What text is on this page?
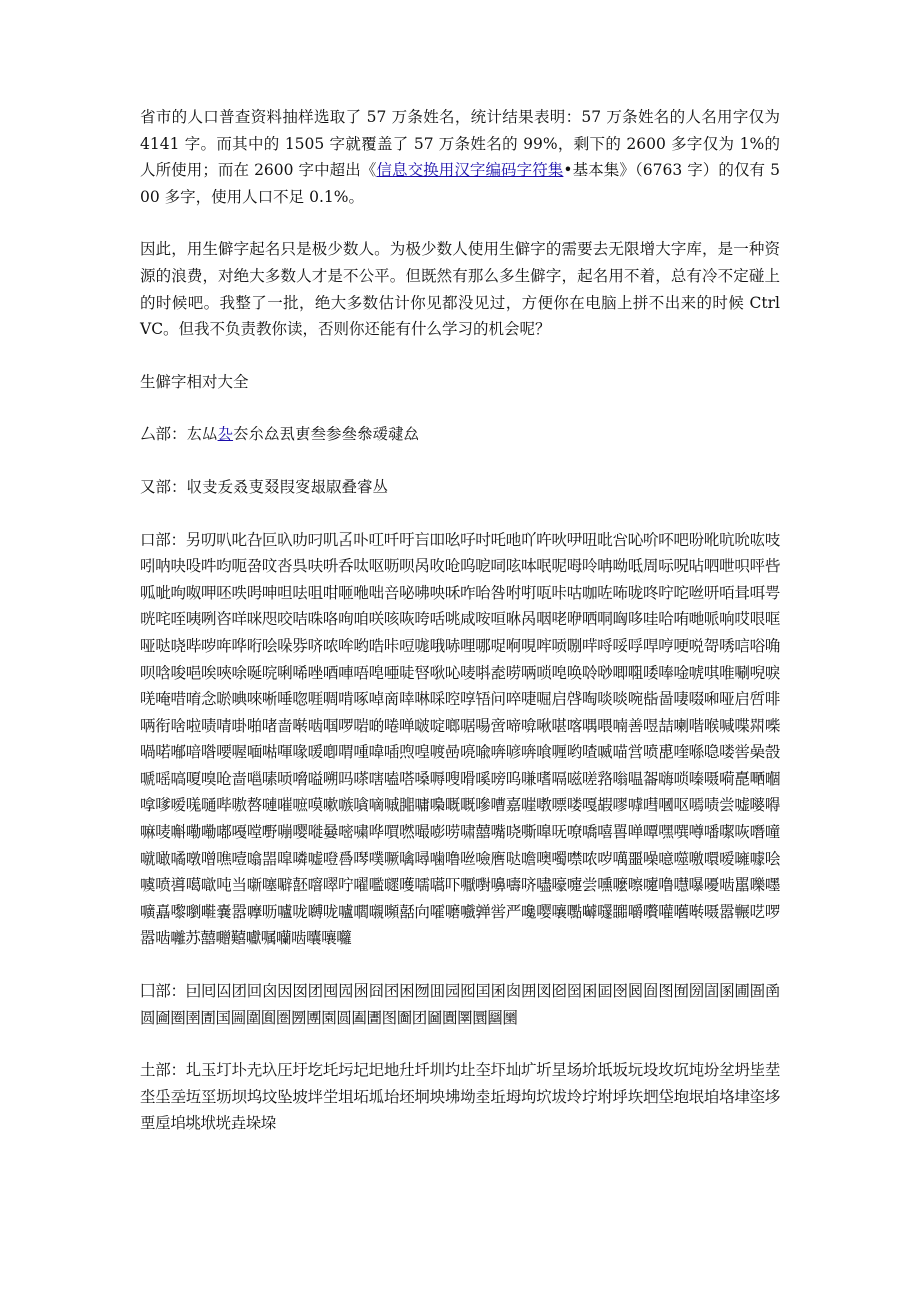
省市的人口普查资料抽样选取了 57 万条姓名，统计结果表明：57 万条姓名的人名用字仅为 4141 字。而其中的 1505 字就覆盖了 57 万条姓名的 99%，剩下的 2600 多字仅为 1%的人所使用；而在 2600 字中超出《信息交换用汉字编码字符集•基本集》（6763 字）的仅有 500 多字，使用人口不足 0.1%。

因此，用生僻字起名只是极少数人。为极少数人使用生僻字的需要去无限增大字库，是一种资源的浪费，对绝大多数人才是不公平。但既然有那么多生僻字，起名用不着，总有冷不定碰上的时候吧。我整了一批，绝大多数估计你见都没见过，方便你在电脑上拼不出来的时候 Ctrl VC。但我不负责教你读，否则你还能有什么学习的机会呢？

生僻字相对大全

厶部：厷厸厹厺厼厽厾叀叁参叄叅叆叇厽

又部：収叏叐叒叓叕叚叜叝叞叠睿丛

口部：另叨叭叱叴叵叺叻叼叽叾卟叿吀吁吂吅吆吇吋吒吔吖吘吙吚吜吡吢吣吤吥吧吩吪吭吮吰吱吲呐吷吺吽呁呃呄呅呇呉呋呏呑呔呕呖呗呙呚呛呜呝呞呟呠呡呢呣呤呥呦呧周呩呪呫呬呭呮呯呰呱呲呴呶呷呸呹呺呻呾呿咀咁咂咃咄咅咇咈咉咊咋咍咎咐咑咓咔咕咖咗咘咙咚咛咜咝咞咟咠咡咢咣咤咥咦咧咨咩咪咫咬咭咮咯咰咱咲咳咴咵咶咷咸咹咺咻呙咽咾咿哂哃哅哆哇哈哊哋哌响哎哏哐哑哒哓哔哕哖哗哘哙哚哛哜哝哞哟哠咔哣哤哦哧哩哪哫哬哯哰唝哵哶哷哸哹哻哼哽哾哿唀唁唂唃呗唅唆唈唉唊唋唌唍唎唏唑唒唓唔唣唖唗唘唙吣唛唞唟唠唡唢唣唤唥唦唧唨唩唪唫唬唭唯唰唲唳唴唵唶唷念唹唺唻唽唾唿啀啁啃啄啅啇啈啉啋啌啍啎问啐啑啒启啔啕啖啖啘啙啚啛啜啝哑启啠啡唡衔啥啦啧啨啩啪啫啬啭啮啯啰啱啲啳啴啵啶啷啹啺啻啼啽啾啿喀喁喂喃善喅喆喇喈喉喊喋喌喍喎喏喐喑喒喓喔喕喖喗喙喛喞喟喠喡喢喣喤喥喦喨喩喯喭喯喰喱哟喳喴喵営喷喸喹喺喼喽喾喿嗀嗁嗂嗃嗄嗅呛啬嗈嗉唝嗋嗌嗍吗嗏嗐嗑嗒嗓嗕嗖嗗嗘嗙呜嗛嗜嗝嗞嗟嗠嗡嗢嗧嗨唢嗪嗫嗬嗭嗮嗰嗱嗲嗳嗴嗵哔嗷嗸嗹嗺嗻嗼嗽嗾嗿嘀嘁嘂嘃嘄嘅嘅嘇嘈嘉嘊嘋嘌喽嘎嘏嘐嘑嘒嘓呕嘕啧尝嘘嘙嘚嘛唛嘝嘞嘞嘟嘠嘡嘢嘣嘤嘥嘦嘧嘨哗嘪嘫嘬嘭唠啸囍嘴哓嘶嘷呒嘹嘺嘻嘼啴嘾嘿噀噂噃噄咴噆噇噈噉噊噋噌噍噎噏噐噑噒嘘噔噕噖噗噘噙噚噛噜咝噞噟哒噡噢噣噤哝哕噧噩噪噫噬噭噮嗳噰噱哙噳喷噵噶噷吨当噺噻噼噽噾噿咛嚁嚂嚃嚄嚅嚆吓嚈嚉嚊嚋哜嚍嚎嚏尝嚑嚒嚓嚔噜嚖嚗嚘啮嚚嚛嚜嚝嚞嚟嚠嚡嚢嚣嚤呖嚧咙嚩咙嚧嚪嚫嚬嚭向嚯嚰嚱亸喾严嚵嘤嚷嚸嚹嚺嚻嚼嚽嚾嚿啭嗫嚣冁呓啰嚣啮囄苏囍囎囏囐嘱囒啮囔嚷囖

囗部：囙囘囜团回囟因囡团囤囥囦囧囨困囫囬园囮囯囷囱囲図囵囶囷囸囹囻囼图囿圀圁圂圃圄圅圆圇圈圉圊国圌圍圎圏圐圑園圆圔圕图圗团圙圚圛圜圝圞

土部：圠玉圢圤圥圦圧圩圪圫圬圮圯地圱圲圳圴圵圶圷圸圹圻圼场圿坁坂坃坄坆坈坉坋坌坍坒坓坔坕坖坘坙坜坝坞坟坠坡坢坣坥坧坬坮坯坰坱坲坳坴坵坶坸坹坺坽坾坿垀垁垇垈垉垊垍垎垏垐垑垔垕垖垗垘垙垚垛垜
